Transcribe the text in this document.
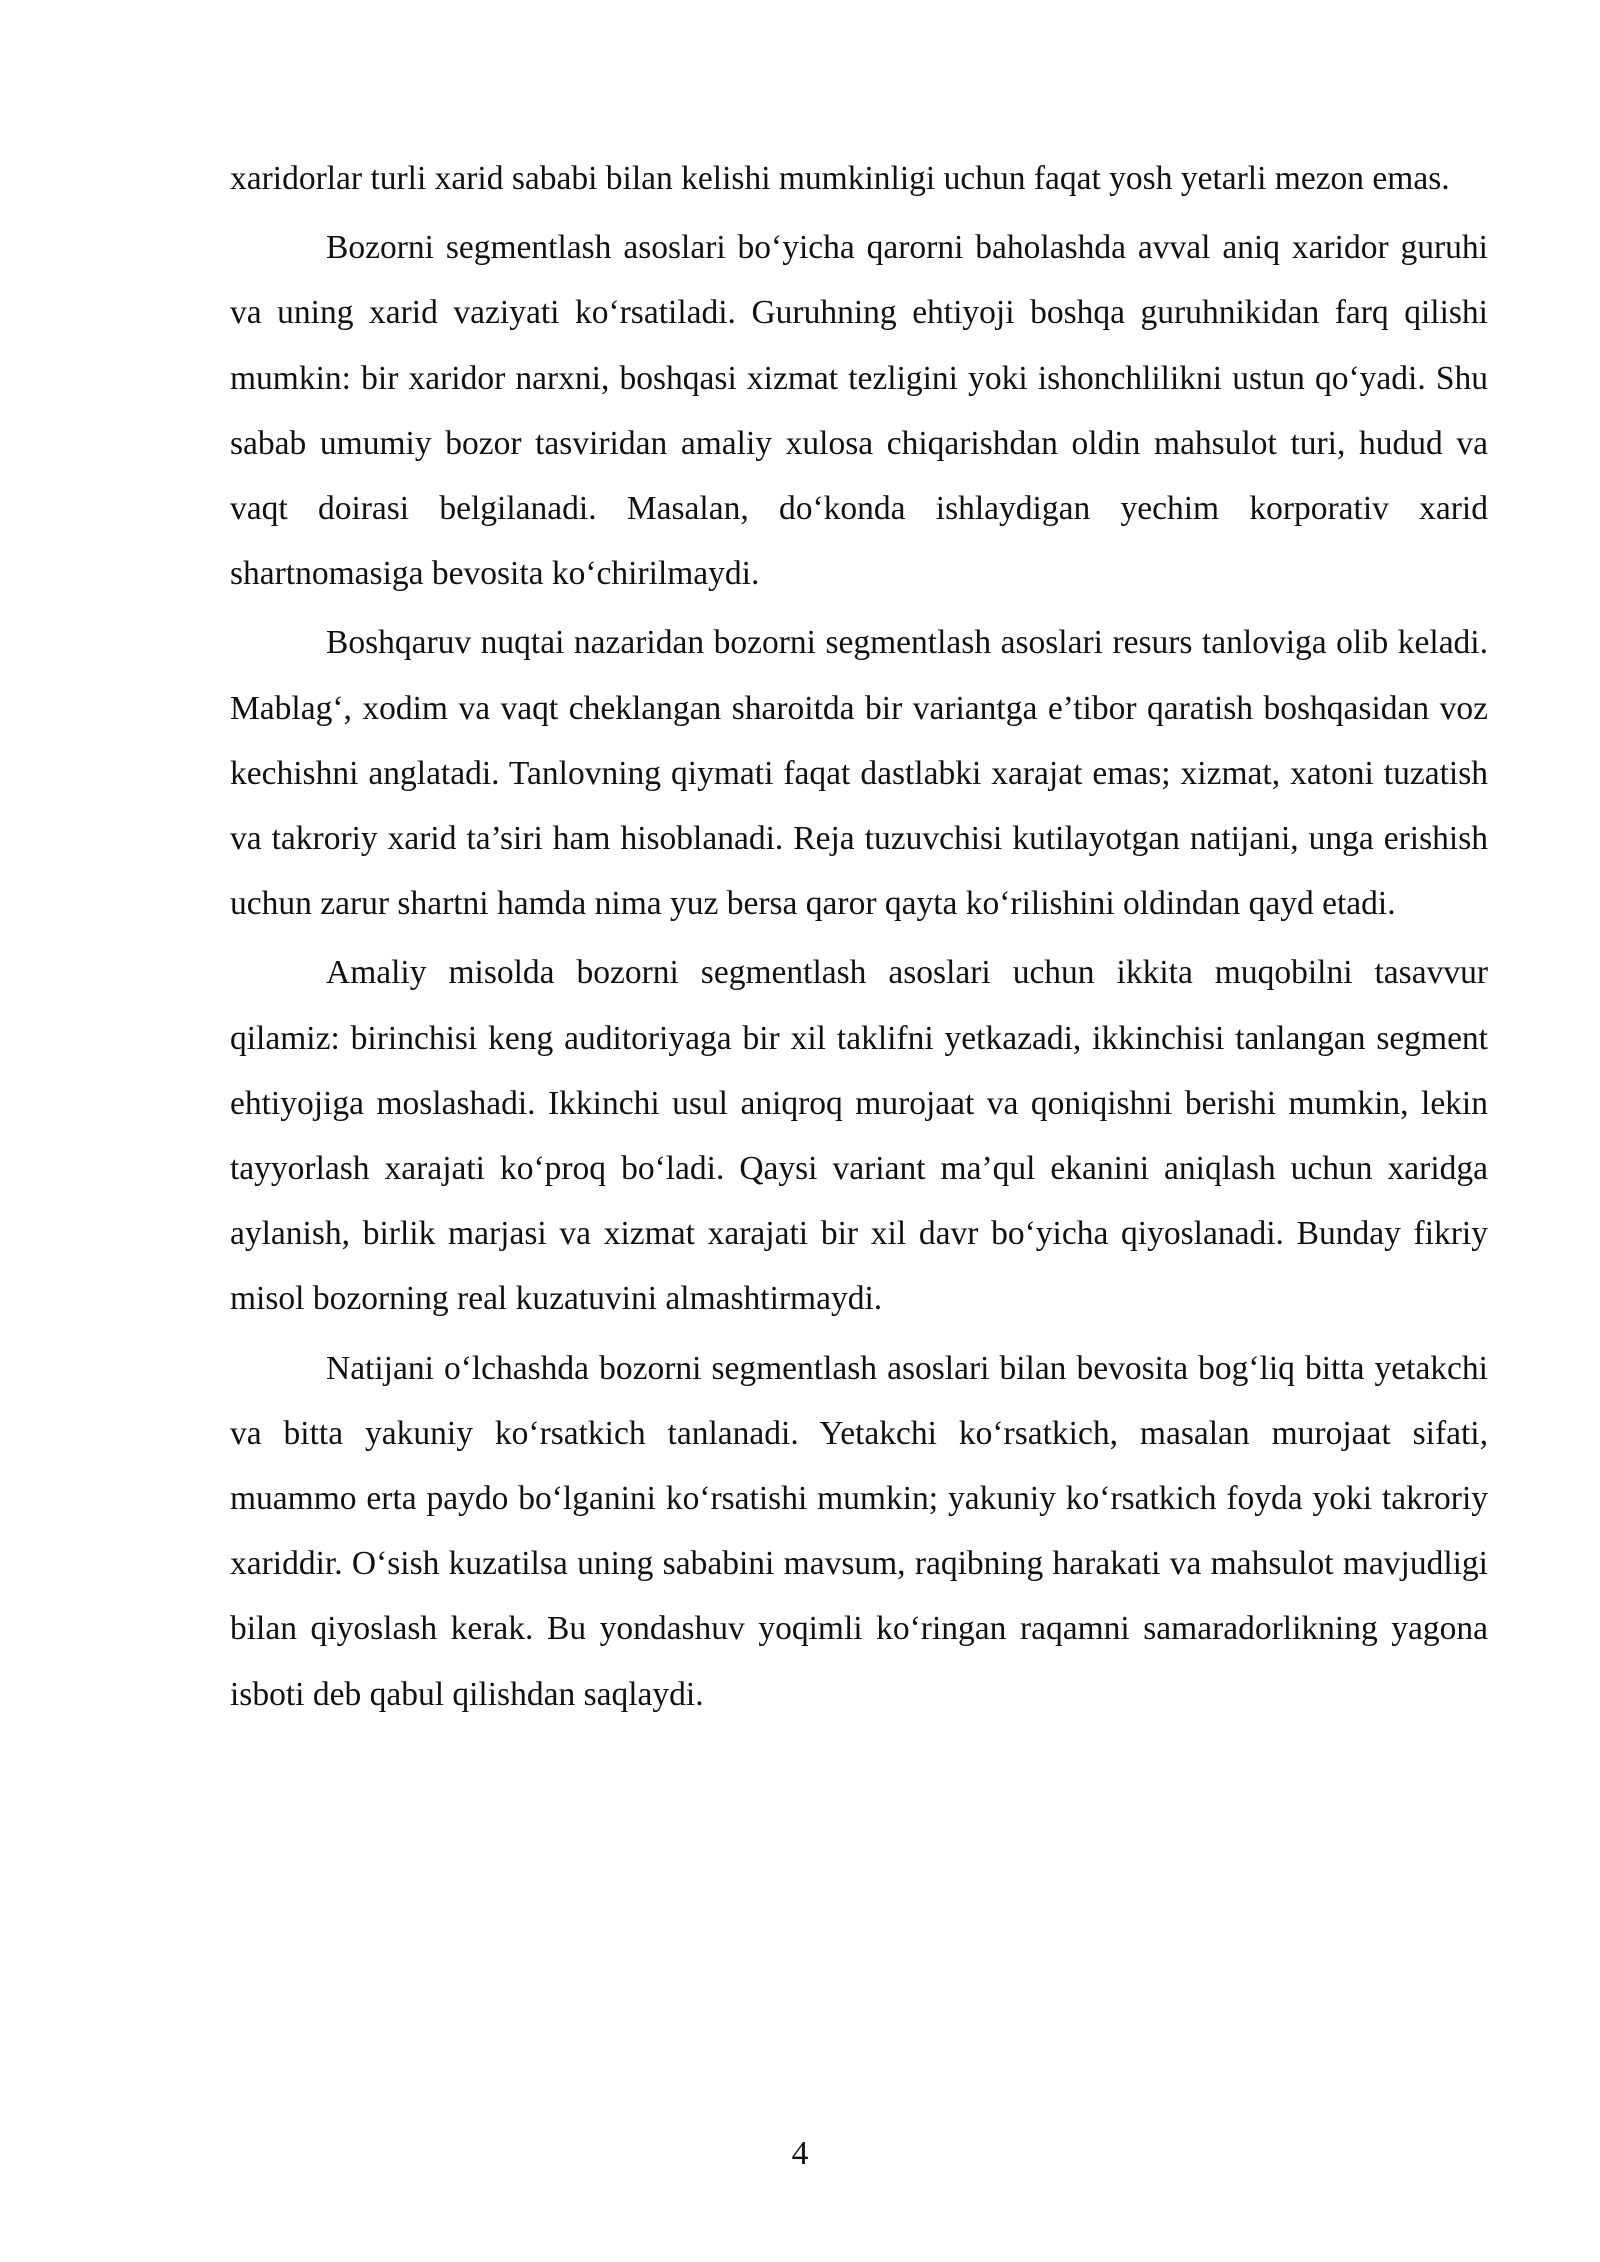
xaridorlar turli xarid sababi bilan kelishi mumkinligi uchun faqat yosh yetarli mezon emas.

Bozorni segmentlash asoslari bo‘yicha qarorni baholashda avval aniq xaridor guruhi va uning xarid vaziyati ko‘rsatiladi. Guruhning ehtiyoji boshqa guruhnikidan farq qilishi mumkin: bir xaridor narxni, boshqasi xizmat tezligini yoki ishonchlilikni ustun qo‘yadi. Shu sabab umumiy bozor tasviridan amaliy xulosa chiqarishdan oldin mahsulot turi, hudud va vaqt doirasi belgilanadi. Masalan, do‘konda ishlaydigan yechim korporativ xarid shartnomasiga bevosita ko‘chirilmaydi.

Boshqaruv nuqtai nazaridan bozorni segmentlash asoslari resurs tanloviga olib keladi. Mablag‘, xodim va vaqt cheklangan sharoitda bir variantga e’tibor qaratish boshqasidan voz kechishni anglatadi. Tanlovning qiymati faqat dastlabki xarajat emas; xizmat, xatoni tuzatish va takroriy xarid ta’siri ham hisoblanadi. Reja tuzuvchisi kutilayotgan natijani, unga erishish uchun zarur shartni hamda nima yuz bersa qaror qayta ko‘rilishini oldindan qayd etadi.

Amaliy misolda bozorni segmentlash asoslari uchun ikkita muqobilni tasavvur qilamiz: birinchisi keng auditoriyaga bir xil taklifni yetkazadi, ikkinchisi tanlangan segment ehtiyojiga moslashadi. Ikkinchi usul aniqroq murojaat va qoniqishni berishi mumkin, lekin tayyorlash xarajati ko‘proq bo‘ladi. Qaysi variant ma’qul ekanini aniqlash uchun xaridga aylanish, birlik marjasi va xizmat xarajati bir xil davr bo‘yicha qiyoslanadi. Bunday fikriy misol bozorning real kuzatuvini almashtirmaydi.

Natijani o‘lchashda bozorni segmentlash asoslari bilan bevosita bog‘liq bitta yetakchi va bitta yakuniy ko‘rsatkich tanlanadi. Yetakchi ko‘rsatkich, masalan murojaat sifati, muammo erta paydo bo‘lganini ko‘rsatishi mumkin; yakuniy ko‘rsatkich foyda yoki takroriy xariddir. O‘sish kuzatilsa uning sababini mavsum, raqibning harakati va mahsulot mavjudligi bilan qiyoslash kerak. Bu yondashuv yoqimli ko‘ringan raqamni samaradorlikning yagona isboti deb qabul qilishdan saqlaydi.

4
